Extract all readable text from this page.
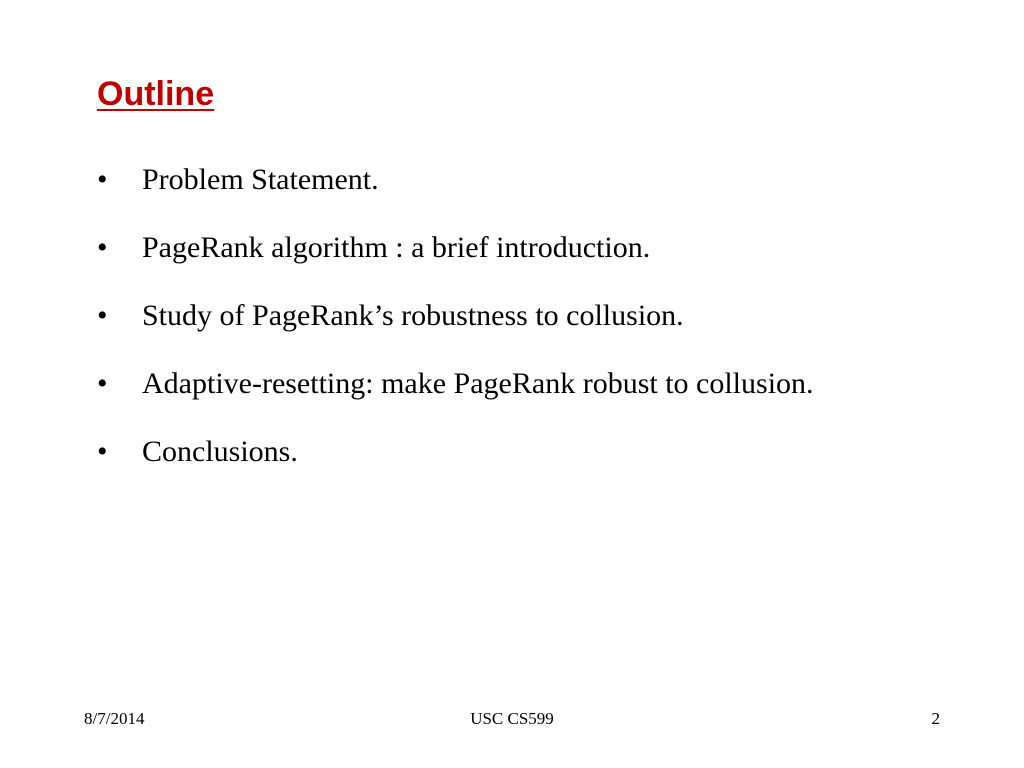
Outline
•	Problem Statement.
•	PageRank algorithm : a brief introduction.
•	Study of PageRank’s robustness to collusion.
•	Adaptive-resetting: make PageRank robust to collusion.
•	Conclusions.
8/7/2014	USC CS599	2
